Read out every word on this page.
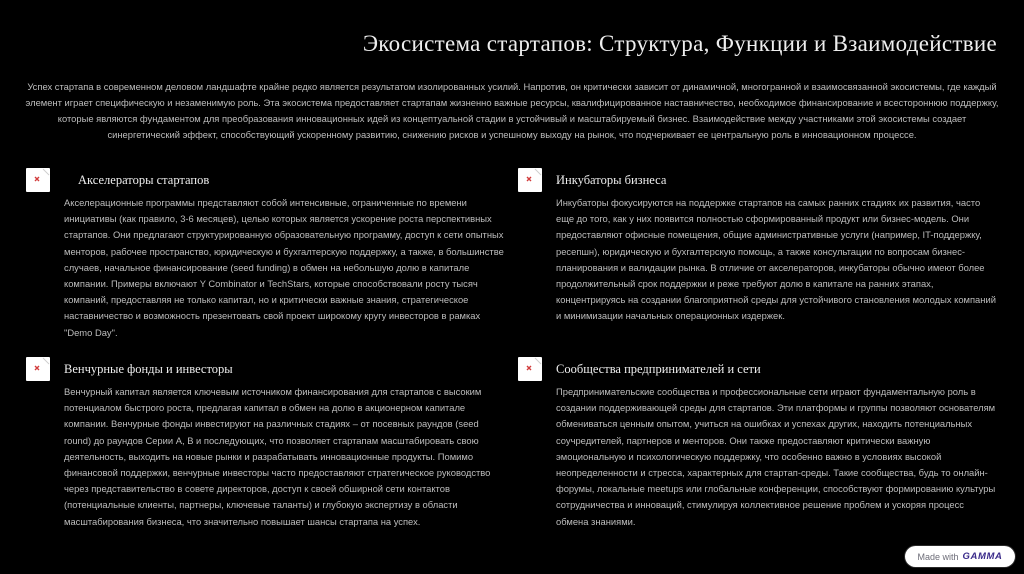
Экосистема стартапов: Структура, Функции и Взаимодействие
Успех стартапа в современном деловом ландшафте крайне редко является результатом изолированных усилий. Напротив, он критически зависит от динамичной, многогранной и взаимосвязанной экосистемы, где каждый элемент играет специфическую и незаменимую роль. Эта экосистема предоставляет стартапам жизненно важные ресурсы, квалифицированное наставничество, необходимое финансирование и всестороннюю поддержку, которые являются фундаментом для преобразования инновационных идей из концептуальной стадии в устойчивый и масштабируемый бизнес. Взаимодействие между участниками этой экосистемы создает синергетический эффект, способствующий ускоренному развитию, снижению рисков и успешному выходу на рынок, что подчеркивает ее центральную роль в инновационном процессе.
Акселераторы стартапов
Акселерационные программы представляют собой интенсивные, ограниченные по времени инициативы (как правило, 3-6 месяцев), целью которых является ускорение роста перспективных стартапов. Они предлагают структурированную образовательную программу, доступ к сети опытных менторов, рабочее пространство, юридическую и бухгалтерскую поддержку, а также, в большинстве случаев, начальное финансирование (seed funding) в обмен на небольшую долю в капитале компании. Примеры включают Y Combinator и TechStars, которые способствовали росту тысяч компаний, предоставляя не только капитал, но и критически важные знания, стратегическое наставничество и возможность презентовать свой проект широкому кругу инвесторов в рамках "Demo Day".
Инкубаторы бизнеса
Инкубаторы фокусируются на поддержке стартапов на самых ранних стадиях их развития, часто еще до того, как у них появится полностью сформированный продукт или бизнес-модель. Они предоставляют офисные помещения, общие административные услуги (например, IT-поддержку, ресепшн), юридическую и бухгалтерскую помощь, а также консультации по вопросам бизнес-планирования и валидации рынка. В отличие от акселераторов, инкубаторы обычно имеют более продолжительный срок поддержки и реже требуют долю в капитале на ранних этапах, концентрируясь на создании благоприятной среды для устойчивого становления молодых компаний и минимизации начальных операционных издержек.
Венчурные фонды и инвесторы
Венчурный капитал является ключевым источником финансирования для стартапов с высоким потенциалом быстрого роста, предлагая капитал в обмен на долю в акционерном капитале компании. Венчурные фонды инвестируют на различных стадиях – от посевных раундов (seed round) до раундов Серии A, B и последующих, что позволяет стартапам масштабировать свою деятельность, выходить на новые рынки и разрабатывать инновационные продукты. Помимо финансовой поддержки, венчурные инвесторы часто предоставляют стратегическое руководство через представительство в совете директоров, доступ к своей обширной сети контактов (потенциальные клиенты, партнеры, ключевые таланты) и глубокую экспертизу в области масштабирования бизнеса, что значительно повышает шансы стартапа на успех.
Сообщества предпринимателей и сети
Предпринимательские сообщества и профессиональные сети играют фундаментальную роль в создании поддерживающей среды для стартапов. Эти платформы и группы позволяют основателям обмениваться ценным опытом, учиться на ошибках и успехах других, находить потенциальных соучредителей, партнеров и менторов. Они также предоставляют критически важную эмоциональную и психологическую поддержку, что особенно важно в условиях высокой неопределенности и стресса, характерных для стартап-среды. Такие сообщества, будь то онлайн-форумы, локальные meetups или глобальные конференции, способствуют формированию культуры сотрудничества и инноваций, стимулируя коллективное решение проблем и ускоряя процесс обмена знаниями.
Made with GAMMA
